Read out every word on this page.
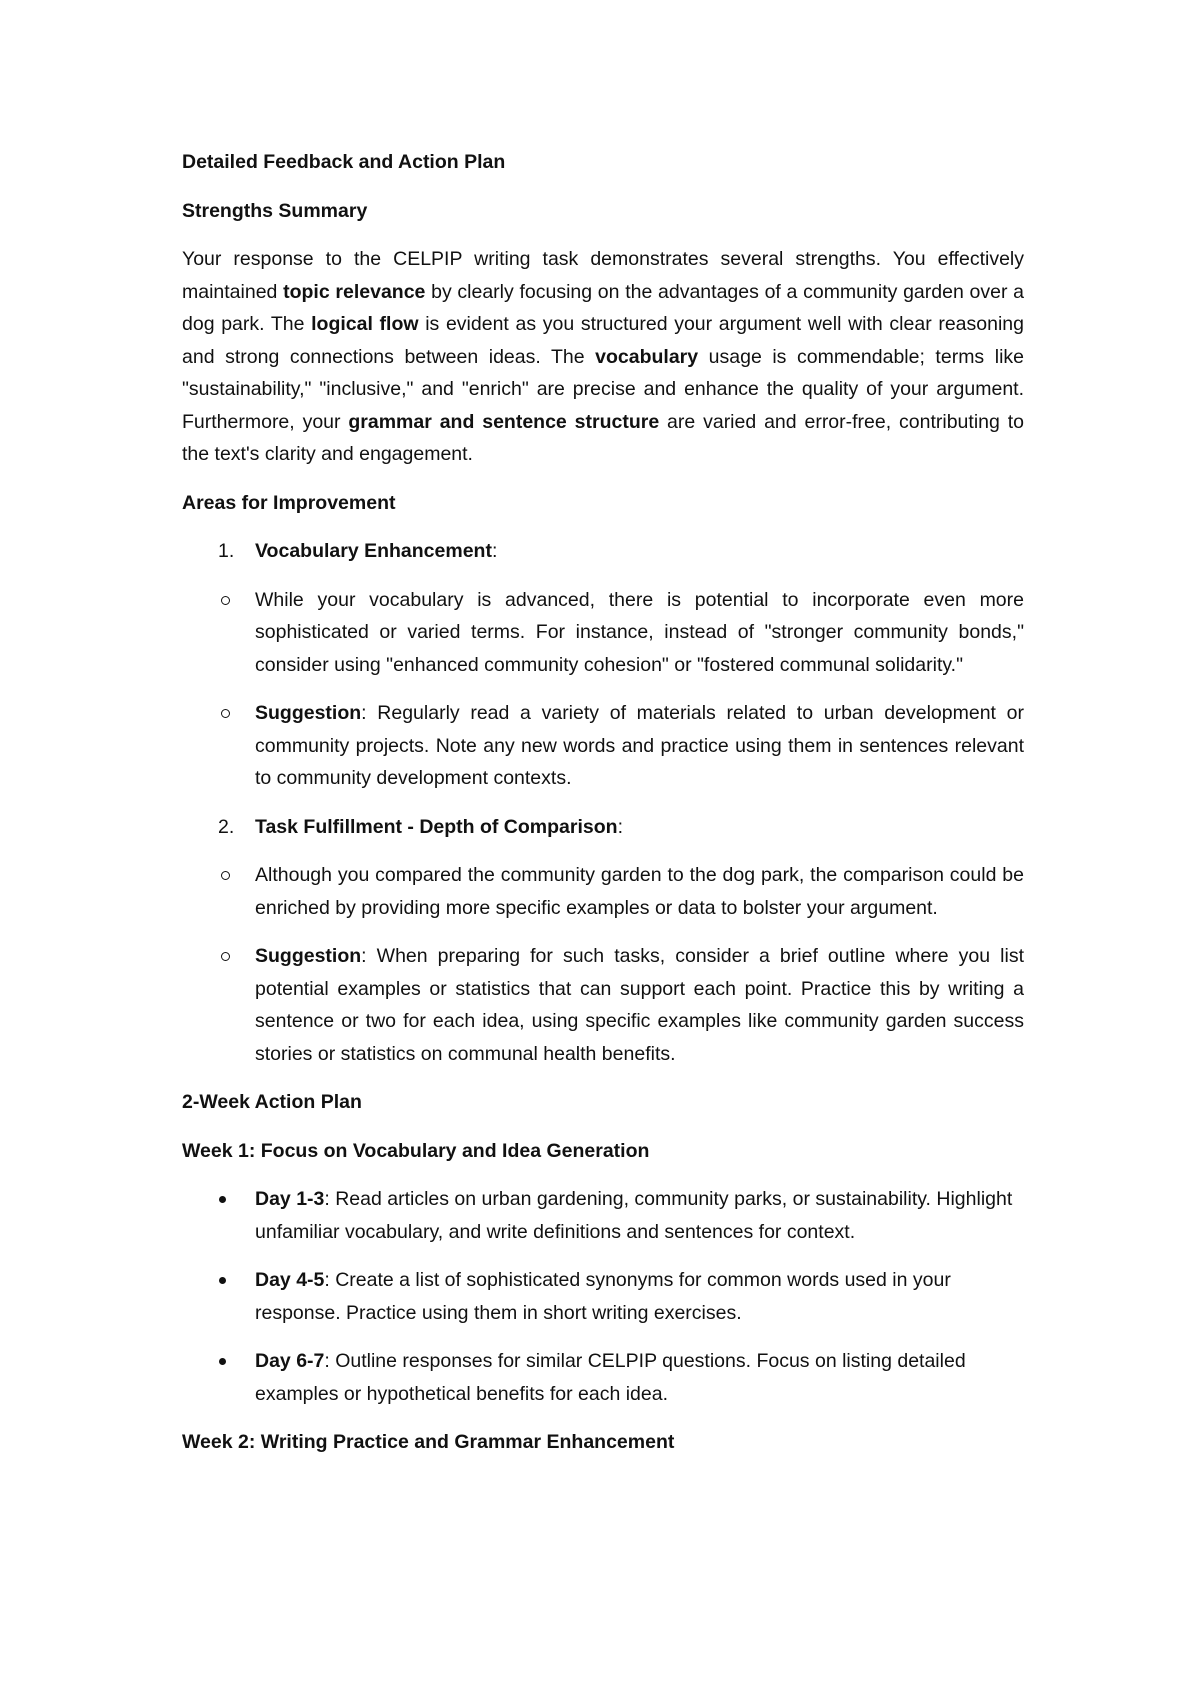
Detailed Feedback and Action Plan
Strengths Summary

Your response to the CELPIP writing task demonstrates several strengths. You effectively maintained topic relevance by clearly focusing on the advantages of a community garden over a dog park. The logical flow is evident as you structured your argument well with clear reasoning and strong connections between ideas. The vocabulary usage is commendable; terms like "sustainability," "inclusive," and "enrich" are precise and enhance the quality of your argument. Furthermore, your grammar and sentence structure are varied and error-free, contributing to the text's clarity and engagement.

Areas for Improvement
1. Vocabulary Enhancement:
While your vocabulary is advanced, there is potential to incorporate even more sophisticated or varied terms. For instance, instead of "stronger community bonds," consider using "enhanced community cohesion" or "fostered communal solidarity."
Suggestion: Regularly read a variety of materials related to urban development or community projects. Note any new words and practice using them in sentences relevant to community development contexts.
2. Task Fulfillment - Depth of Comparison:
Although you compared the community garden to the dog park, the comparison could be enriched by providing more specific examples or data to bolster your argument.
Suggestion: When preparing for such tasks, consider a brief outline where you list potential examples or statistics that can support each point. Practice this by writing a sentence or two for each idea, using specific examples like community garden success stories or statistics on communal health benefits.
2-Week Action Plan
Week 1: Focus on Vocabulary and Idea Generation
Day 1-3: Read articles on urban gardening, community parks, or sustainability. Highlight unfamiliar vocabulary, and write definitions and sentences for context.
Day 4-5: Create a list of sophisticated synonyms for common words used in your response. Practice using them in short writing exercises.
Day 6-7: Outline responses for similar CELPIP questions. Focus on listing detailed examples or hypothetical benefits for each idea.
Week 2: Writing Practice and Grammar Enhancement
